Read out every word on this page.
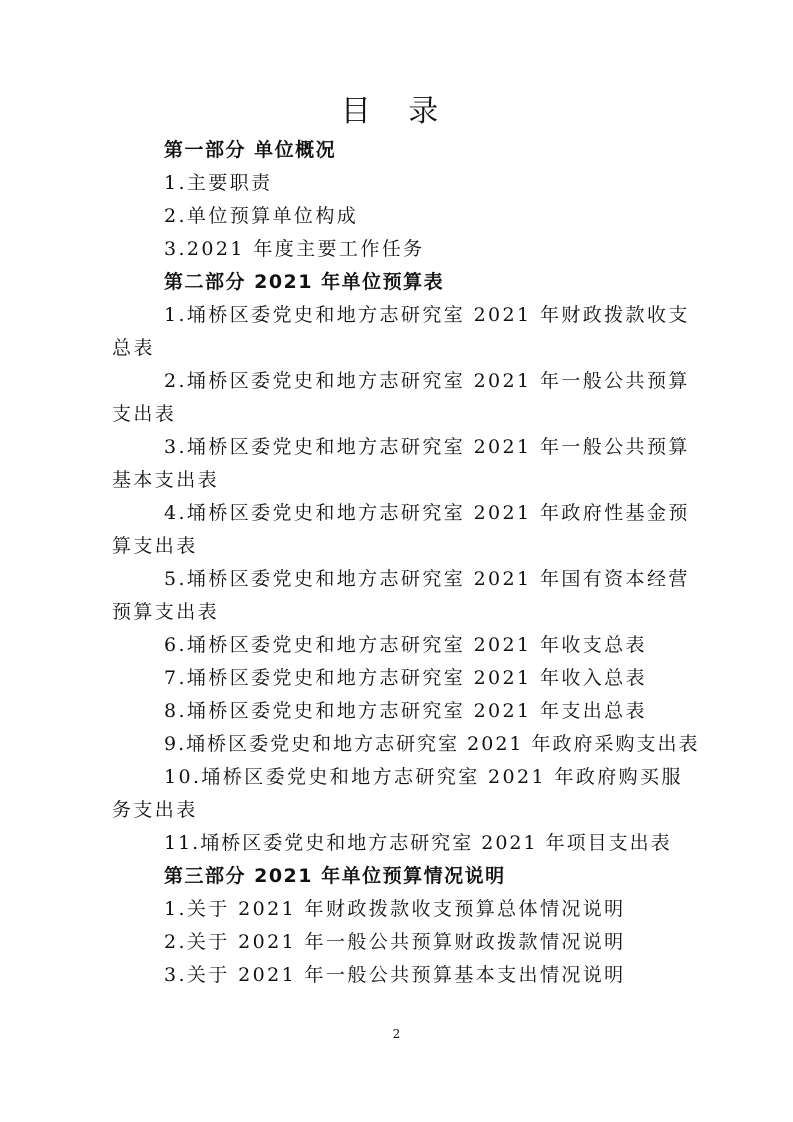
目 录
第一部分 单位概况
1.主要职责
2.单位预算单位构成
3.2021 年度主要工作任务
第二部分 2021 年单位预算表
1.埇桥区委党史和地方志研究室 2021 年财政拨款收支总表
2.埇桥区委党史和地方志研究室 2021 年一般公共预算支出表
3.埇桥区委党史和地方志研究室 2021 年一般公共预算基本支出表
4.埇桥区委党史和地方志研究室 2021 年政府性基金预算支出表
5.埇桥区委党史和地方志研究室 2021 年国有资本经营预算支出表
6.埇桥区委党史和地方志研究室 2021 年收支总表
7.埇桥区委党史和地方志研究室 2021 年收入总表
8.埇桥区委党史和地方志研究室 2021 年支出总表
9.埇桥区委党史和地方志研究室 2021 年政府采购支出表
10.埇桥区委党史和地方志研究室 2021 年政府购买服务支出表
11.埇桥区委党史和地方志研究室 2021 年项目支出表
第三部分 2021 年单位预算情况说明
1.关于 2021 年财政拨款收支预算总体情况说明
2.关于 2021 年一般公共预算财政拨款情况说明
3.关于 2021 年一般公共预算基本支出情况说明
2
